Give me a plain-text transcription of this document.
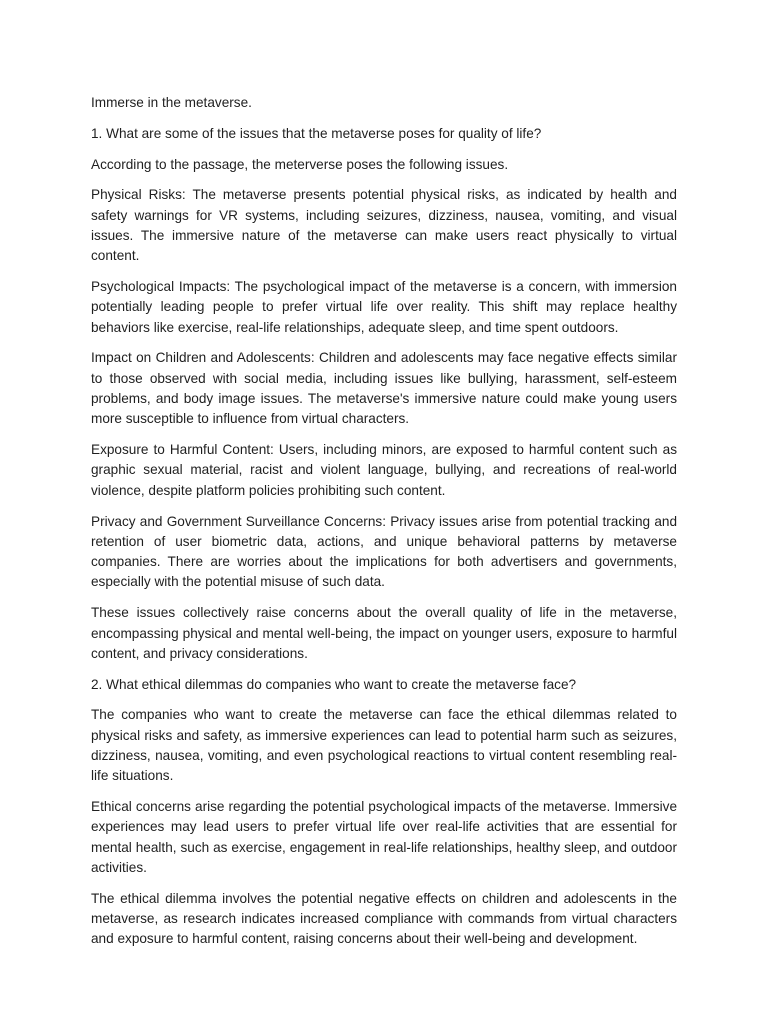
Immerse in the metaverse.

1. What are some of the issues that the metaverse poses for quality of life?

According to the passage, the meterverse poses the following issues.

Physical Risks: The metaverse presents potential physical risks, as indicated by health and safety warnings for VR systems, including seizures, dizziness, nausea, vomiting, and visual issues. The immersive nature of the metaverse can make users react physically to virtual content.

Psychological Impacts: The psychological impact of the metaverse is a concern, with immersion potentially leading people to prefer virtual life over reality. This shift may replace healthy behaviors like exercise, real-life relationships, adequate sleep, and time spent outdoors.

Impact on Children and Adolescents: Children and adolescents may face negative effects similar to those observed with social media, including issues like bullying, harassment, self-esteem problems, and body image issues. The metaverse's immersive nature could make young users more susceptible to influence from virtual characters.

Exposure to Harmful Content: Users, including minors, are exposed to harmful content such as graphic sexual material, racist and violent language, bullying, and recreations of real-world violence, despite platform policies prohibiting such content.

Privacy and Government Surveillance Concerns: Privacy issues arise from potential tracking and retention of user biometric data, actions, and unique behavioral patterns by metaverse companies. There are worries about the implications for both advertisers and governments, especially with the potential misuse of such data.

These issues collectively raise concerns about the overall quality of life in the metaverse, encompassing physical and mental well-being, the impact on younger users, exposure to harmful content, and privacy considerations.

2. What ethical dilemmas do companies who want to create the metaverse face?

The companies who want to create the metaverse can face the ethical dilemmas related to physical risks and safety, as immersive experiences can lead to potential harm such as seizures, dizziness, nausea, vomiting, and even psychological reactions to virtual content resembling real-life situations.

Ethical concerns arise regarding the potential psychological impacts of the metaverse. Immersive experiences may lead users to prefer virtual life over real-life activities that are essential for mental health, such as exercise, engagement in real-life relationships, healthy sleep, and outdoor activities.

The ethical dilemma involves the potential negative effects on children and adolescents in the metaverse, as research indicates increased compliance with commands from virtual characters and exposure to harmful content, raising concerns about their well-being and development.
